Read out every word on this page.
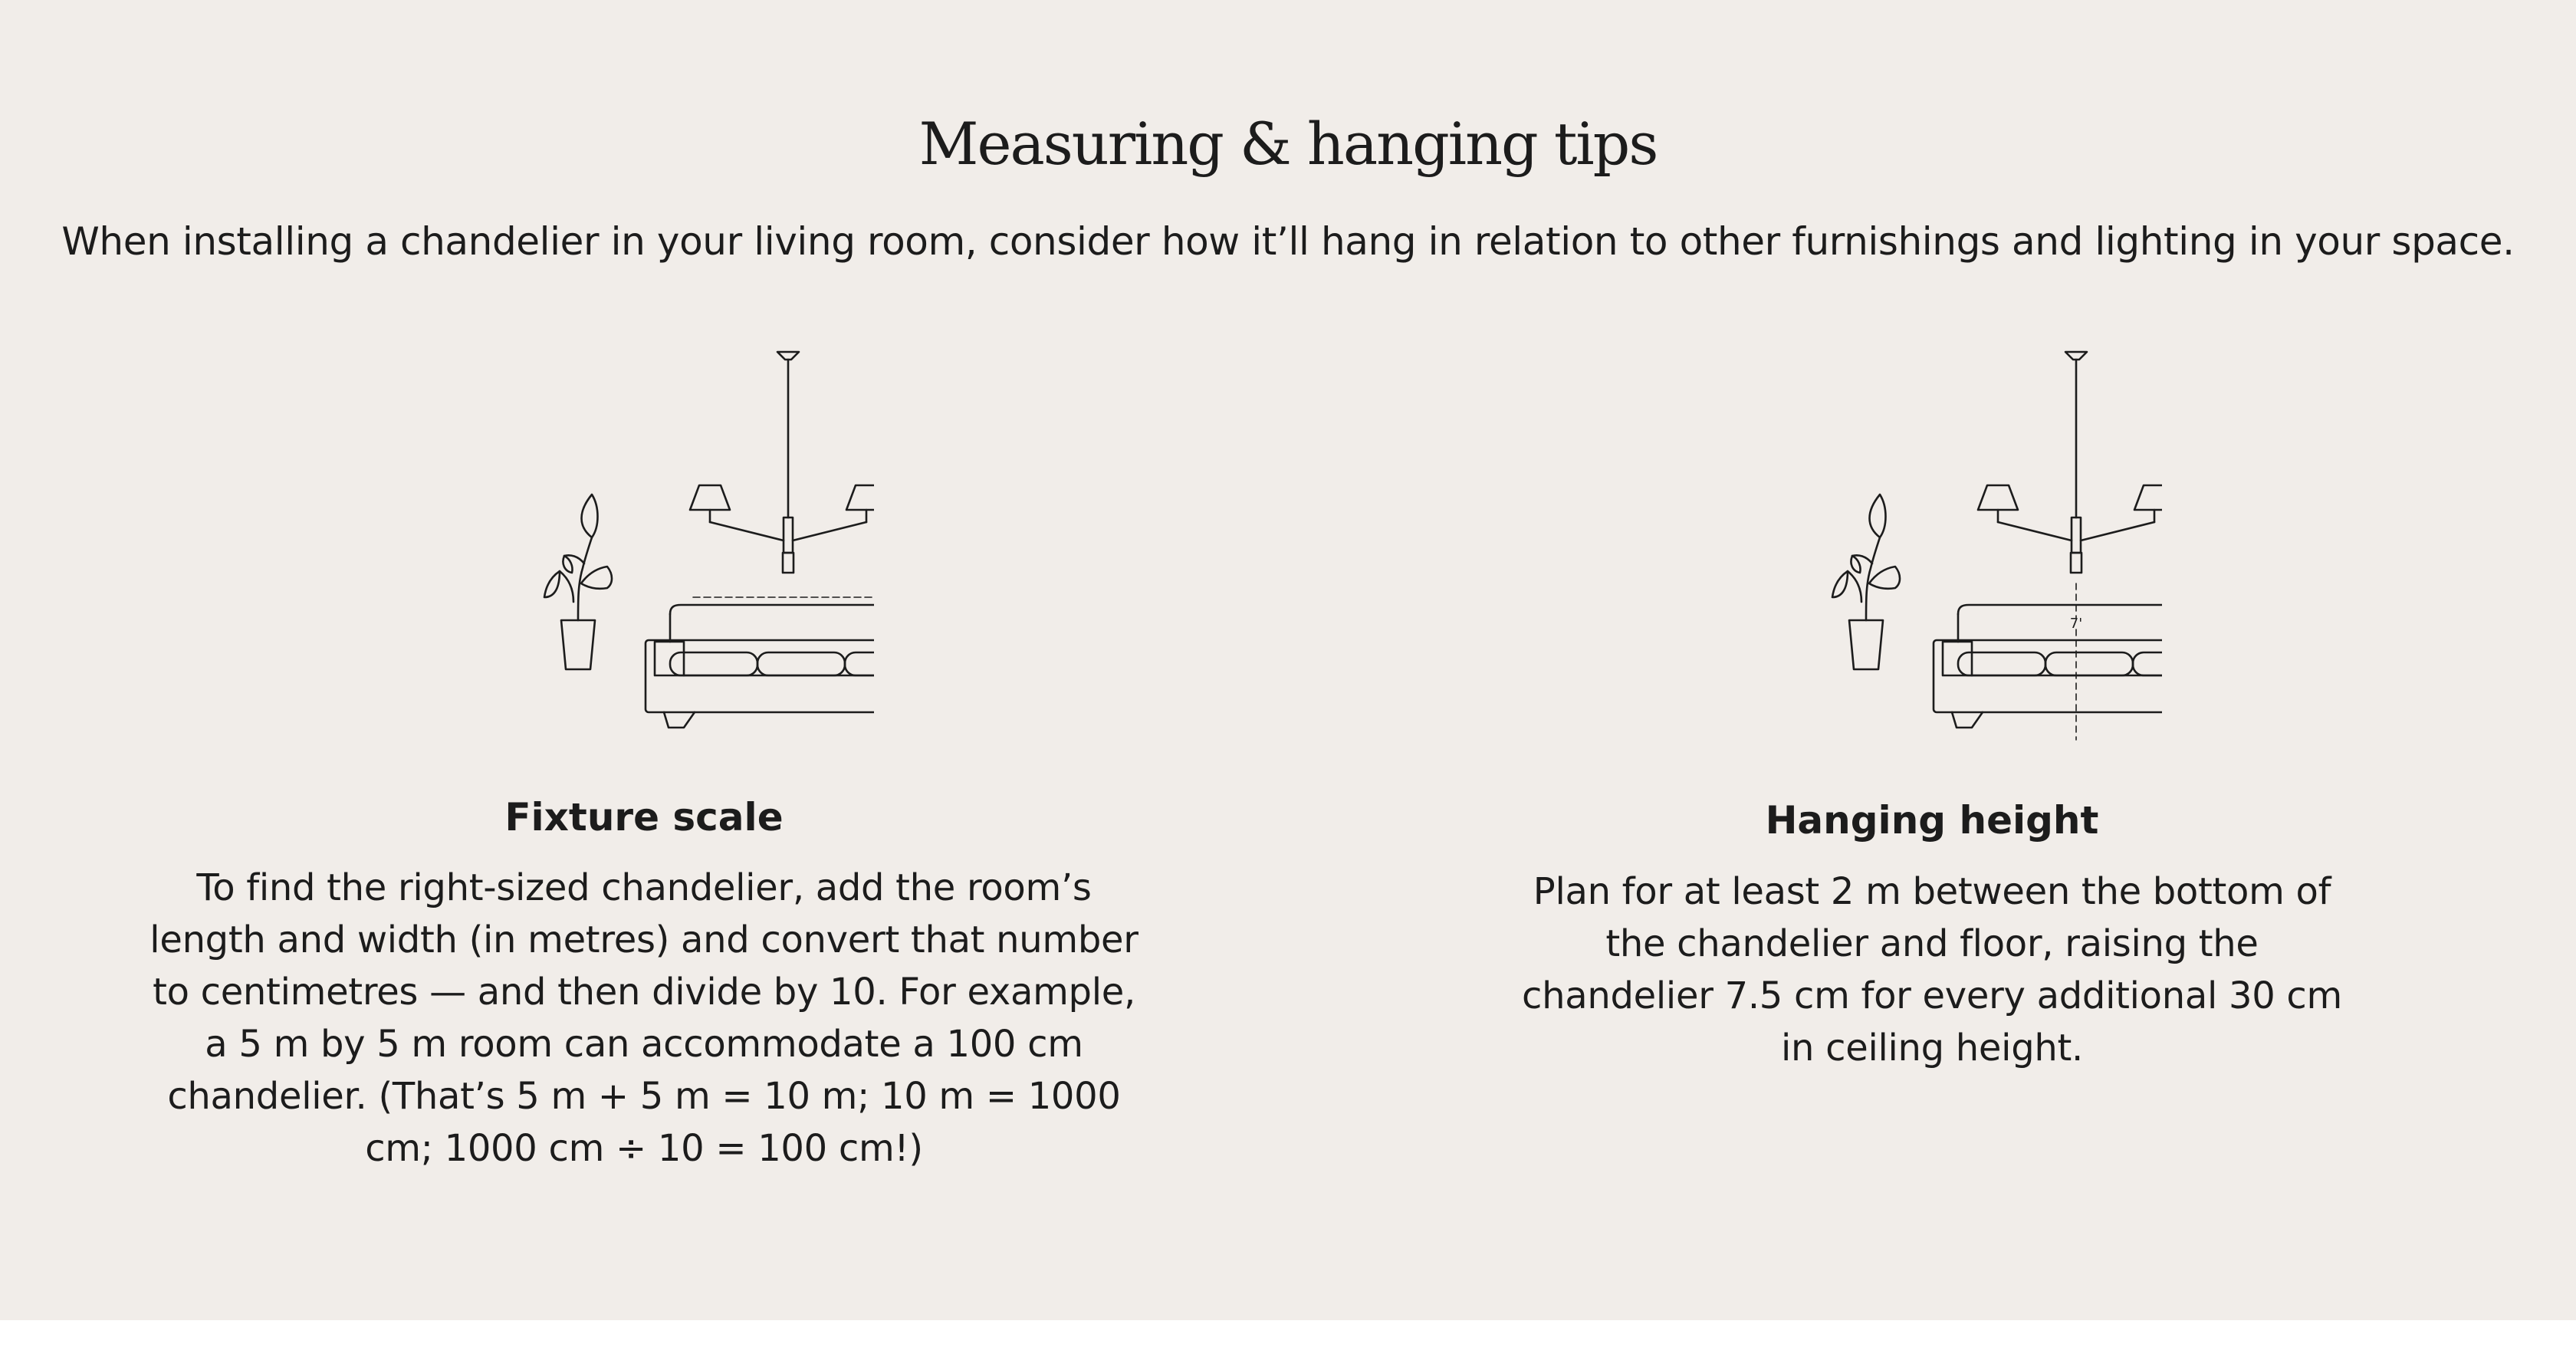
Measuring & hanging tips

When installing a chandelier in your living room, consider how it’ll hang in relation to other furnishings and lighting in your space.

7'
Fixture scale

To find the right-sized chandelier, add the room’s length and width (in metres) and convert that number to centimetres — and then divide by 10. For example, a 5 m by 5 m room can accommodate a 100 cm chandelier. (That’s 5 m + 5 m = 10 m; 10 m = 1000 cm; 1000 cm ÷ 10 = 100 cm!)

Hanging height

Plan for at least 2 m between the bottom of the chandelier and floor, raising the chandelier 7.5 cm for every additional 30 cm in ceiling height.
